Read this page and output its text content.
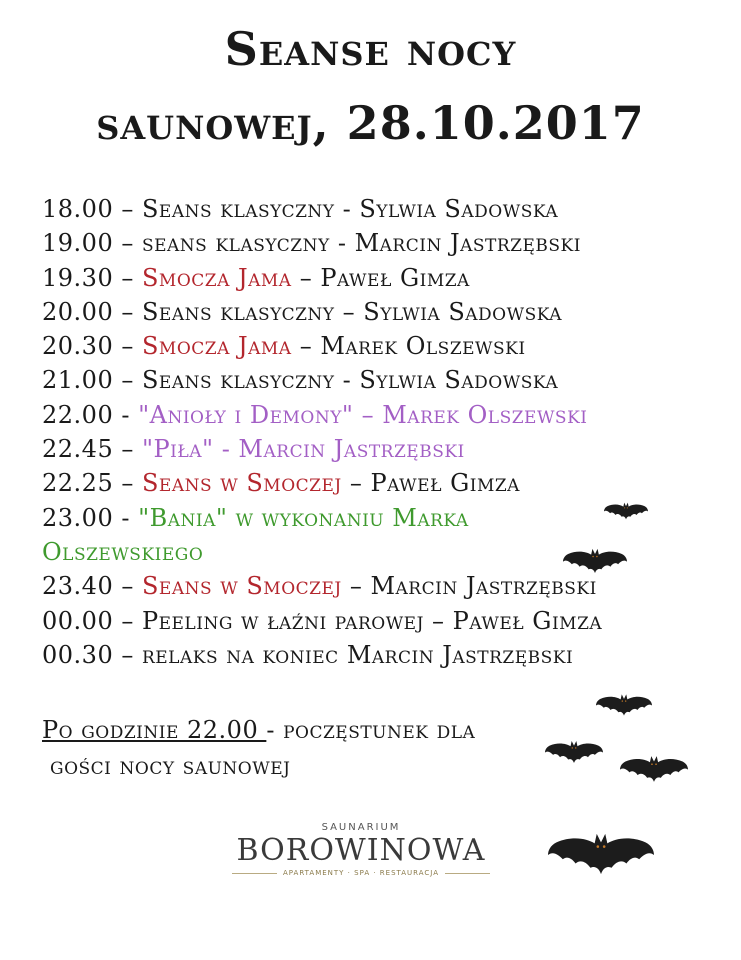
Seanse nocy
saunowej, 28.10.2017
18.00 – Seans klasyczny - Sylwia Sadowska
19.00 – seans klasyczny - Marcin Jastrzębski
19.30 – Smocza Jama – Paweł Gimza
20.00 – Seans klasyczny – Sylwia Sadowska
20.30 – Smocza Jama – Marek Olszewski
21.00 – Seans klasyczny - Sylwia Sadowska
22.00 - "Anioły i Demony" – Marek Olszewski
22.45 – "Piła" - Marcin Jastrzębski
22.25 – Seans w Smoczej – Paweł Gimza
23.00 - "Bania" w wykonaniu Marka
Olszewskiego
23.40 – Seans w Smoczej – Marcin Jastrzębski
00.00 – Peeling w łaźni parowej – Paweł Gimza
00.30 – relaks na koniec Marcin Jastrzębski
Po godzinie 22.00 - poczęstunek dla
gości nocy saunowej
SAUNARIUM
BOROWINOWA
APARTAMENTY · SPA · RESTAURACJA
